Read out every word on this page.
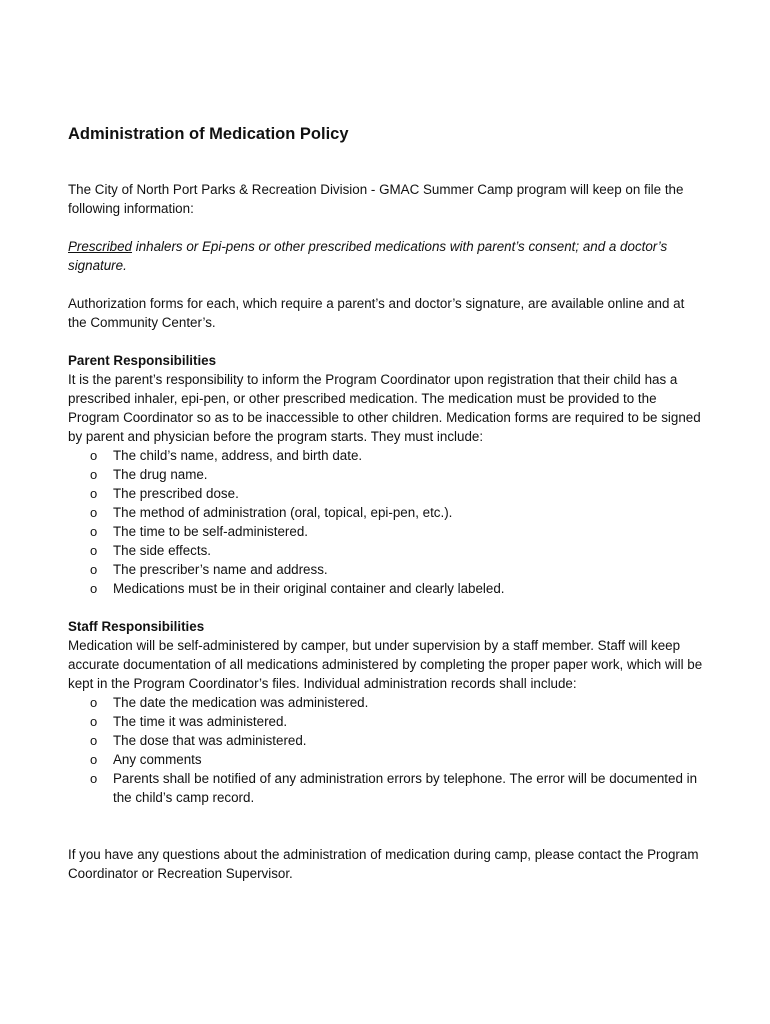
Administration of Medication Policy

The City of North Port Parks & Recreation Division - GMAC Summer Camp program will keep on file the following information:

Prescribed inhalers or Epi-pens or other prescribed medications with parent’s consent; and a doctor’s signature.

Authorization forms for each, which require a parent’s and doctor’s signature, are available online and at the Community Center’s.

Parent Responsibilities

It is the parent’s responsibility to inform the Program Coordinator upon registration that their child has a prescribed inhaler, epi-pen, or other prescribed medication. The medication must be provided to the Program Coordinator so as to be inaccessible to other children. Medication forms are required to be signed by parent and physician before the program starts. They must include:

o The child’s name, address, and birth date.
o The drug name.
o The prescribed dose.
o The method of administration (oral, topical, epi-pen, etc.).
o The time to be self-administered.
o The side effects.
o The prescriber’s name and address.
o Medications must be in their original container and clearly labeled.

Staff Responsibilities

Medication will be self-administered by camper, but under supervision by a staff member. Staff will keep accurate documentation of all medications administered by completing the proper paper work, which will be kept in the Program Coordinator’s files. Individual administration records shall include:

o The date the medication was administered.
o The time it was administered.
o The dose that was administered.
o Any comments
o Parents shall be notified of any administration errors by telephone. The error will be documented in the child’s camp record.

If you have any questions about the administration of medication during camp, please contact the Program Coordinator or Recreation Supervisor.
